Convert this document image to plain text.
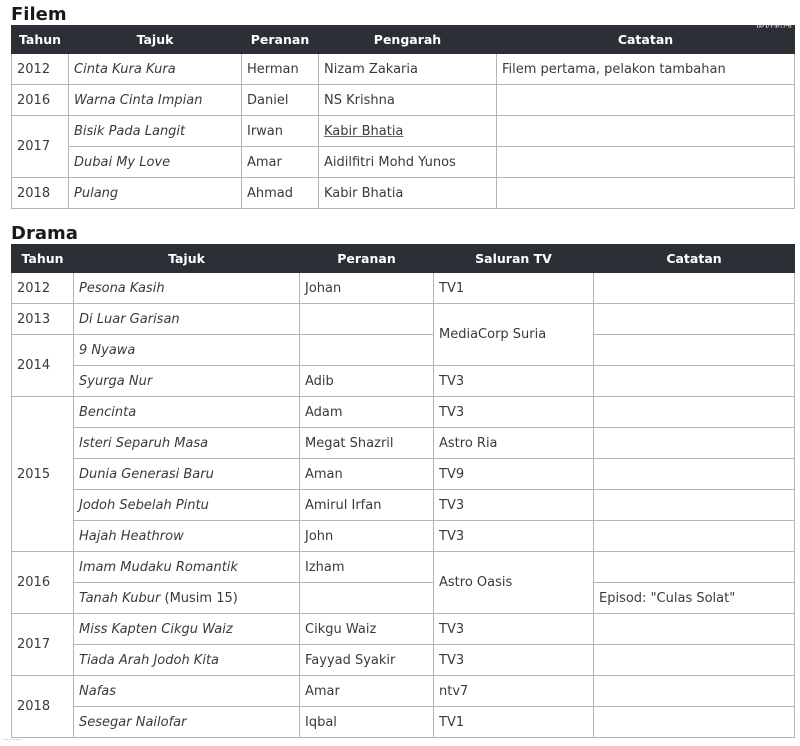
澎湃新闻
Filem
Tahun	Tajuk	Peranan	Pengarah	Catatan
2012	Cinta Kura Kura	Herman	Nizam Zakaria	Filem pertama, pelakon tambahan
2016	Warna Cinta Impian	Daniel	NS Krishna	
2017	Bisik Pada Langit	Irwan	Kabir Bhatia	
	Dubai My Love	Amar	Aidilfitri Mohd Yunos	
2018	Pulang	Ahmad	Kabir Bhatia	
Drama
Tahun	Tajuk	Peranan	Saluran TV	Catatan
2012	Pesona Kasih	Johan	TV1	
2013	Di Luar Garisan		MediaCorp Suria	
2014	9 Nyawa			
	Syurga Nur	Adib	TV3	
2015	Bencinta	Adam	TV3	
	Isteri Separuh Masa	Megat Shazril	Astro Ria	
	Dunia Generasi Baru	Aman	TV9	
	Jodoh Sebelah Pintu	Amirul Irfan	TV3	
	Hajah Heathrow	John	TV3	
2016	Imam Mudaku Romantik	Izham	Astro Oasis	
	Tanah Kubur (Musim 15)			Episod: "Culas Solat"
2017	Miss Kapten Cikgu Waiz	Cikgu Waiz	TV3	
	Tiada Arah Jodoh Kita	Fayyad Syakir	TV3	
2018	Nafas	Amar	ntv7	
	Sesegar Nailofar	Iqbal	TV1	
·········
